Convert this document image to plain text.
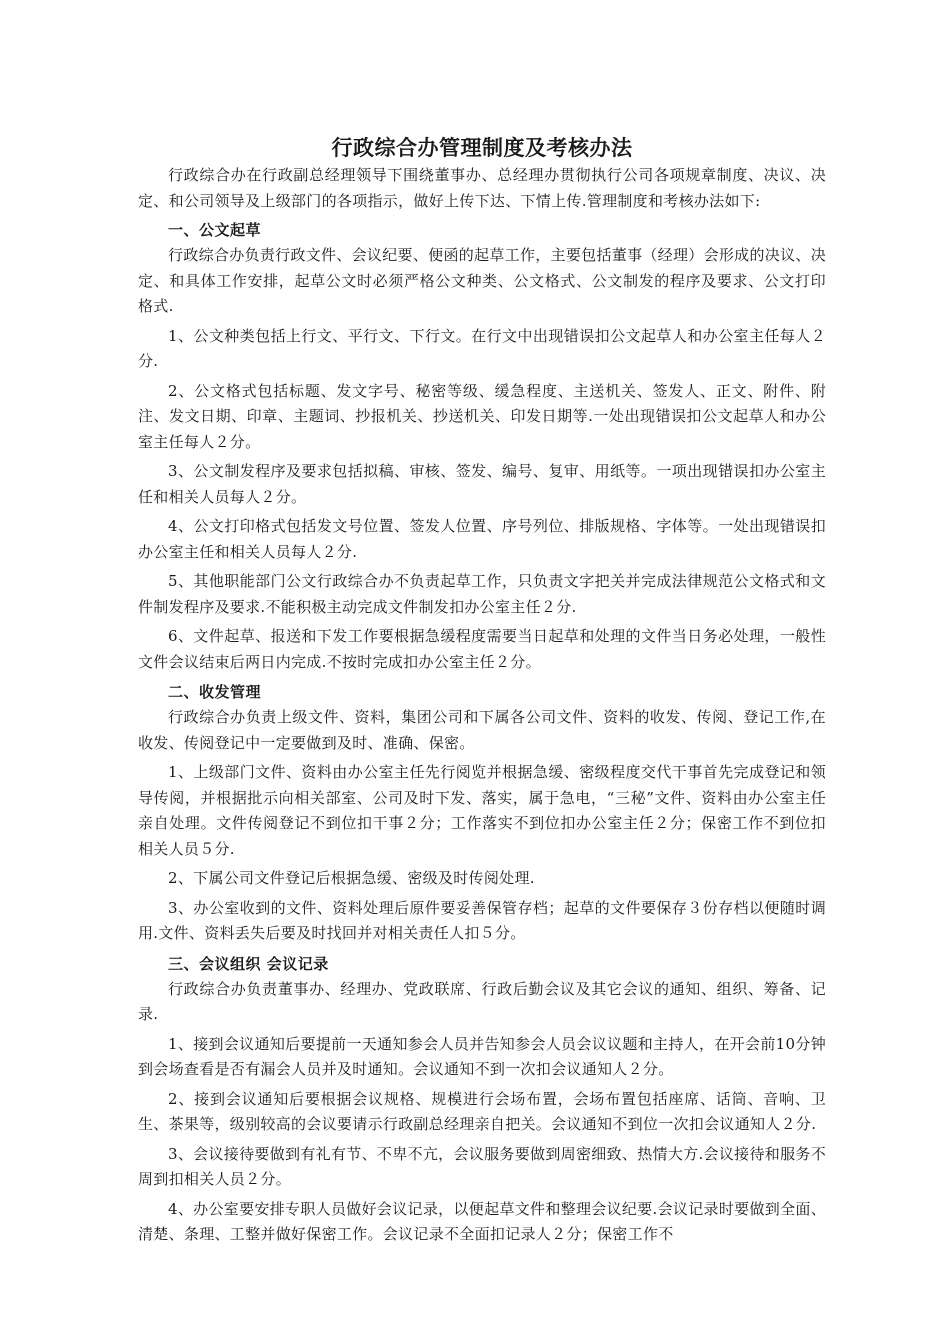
行政综合办管理制度及考核办法

行政综合办在行政副总经理领导下围绕董事办、总经理办贯彻执行公司各项规章制度、决议、决定、和公司领导及上级部门的各项指示，做好上传下达、下情上传.管理制度和考核办法如下:

一、公文起草

行政综合办负责行政文件、会议纪要、便函的起草工作，主要包括董事（经理）会形成的决议、决定、和具体工作安排，起草公文时必须严格公文种类、公文格式、公文制发的程序及要求、公文打印格式.

1、公文种类包括上行文、平行文、下行文。在行文中出现错误扣公文起草人和办公室主任每人２分.

2、公文格式包括标题、发文字号、秘密等级、缓急程度、主送机关、签发人、正文、附件、附注、发文日期、印章、主题词、抄报机关、抄送机关、印发日期等.一处出现错误扣公文起草人和办公室主任每人２分。

3、公文制发程序及要求包括拟稿、审核、签发、编号、复审、用纸等。一项出现错误扣办公室主任和相关人员每人２分。

4、公文打印格式包括发文号位置、签发人位置、序号列位、排版规格、字体等。一处出现错误扣办公室主任和相关人员每人２分.

5、其他职能部门公文行政综合办不负责起草工作，只负责文字把关并完成法律规范公文格式和文件制发程序及要求.不能积极主动完成文件制发扣办公室主任２分.

6、文件起草、报送和下发工作要根据急缓程度需要当日起草和处理的文件当日务必处理，一般性文件会议结束后两日内完成.不按时完成扣办公室主任２分。

二、收发管理

行政综合办负责上级文件、资料，集团公司和下属各公司文件、资料的收发、传阅、登记工作,在收发、传阅登记中一定要做到及时、准确、保密。

1、上级部门文件、资料由办公室主任先行阅览并根据急缓、密级程度交代干事首先完成登记和领导传阅，并根据批示向相关部室、公司及时下发、落实，属于急电，“三秘”文件、资料由办公室主任亲自处理。文件传阅登记不到位扣干事２分；工作落实不到位扣办公室主任２分；保密工作不到位扣相关人员５分.

2、下属公司文件登记后根据急缓、密级及时传阅处理.

3、办公室收到的文件、资料处理后原件要妥善保管存档；起草的文件要保存３份存档以便随时调用.文件、资料丢失后要及时找回并对相关责任人扣５分。

三、会议组织 会议记录

行政综合办负责董事办、经理办、党政联席、行政后勤会议及其它会议的通知、组织、筹备、记录.

1、接到会议通知后要提前一天通知参会人员并告知参会人员会议议题和主持人，在开会前10分钟到会场查看是否有漏会人员并及时通知。会议通知不到一次扣会议通知人２分。

2、接到会议通知后要根据会议规格、规模进行会场布置，会场布置包括座席、话筒、音响、卫生、茶果等，级别较高的会议要请示行政副总经理亲自把关。会议通知不到位一次扣会议通知人２分.

3、会议接待要做到有礼有节、不卑不亢，会议服务要做到周密细致、热情大方.会议接待和服务不周到扣相关人员２分。

4、办公室要安排专职人员做好会议记录，以便起草文件和整理会议纪要.会议记录时要做到全面、清楚、条理、工整并做好保密工作。会议记录不全面扣记录人２分；保密工作不
